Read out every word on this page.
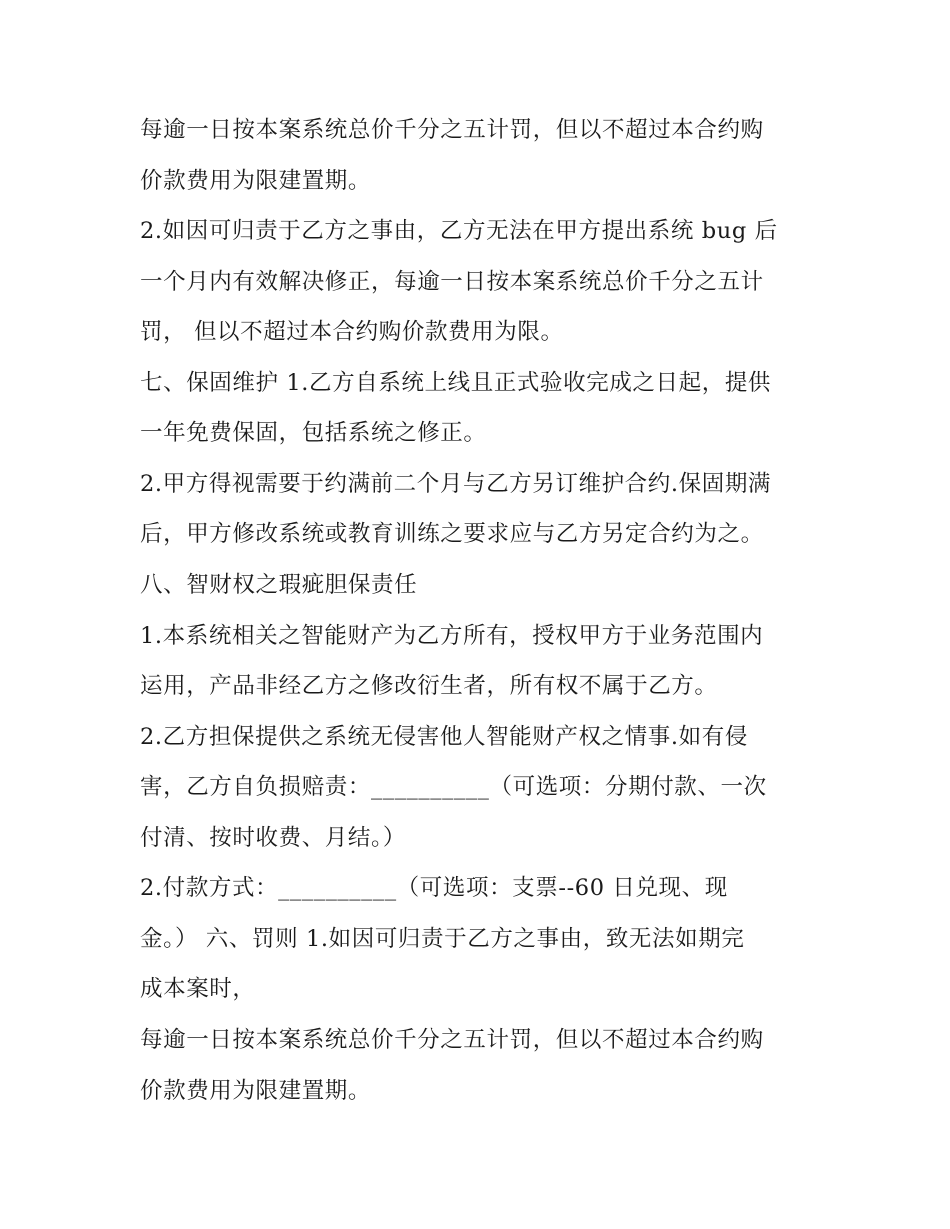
每逾一日按本案系统总价千分之五计罚，但以不超过本合约购

价款费用为限建置期。

2.如因可归责于乙方之事由，乙方无法在甲方提出系统 bug 后

一个月内有效解决修正，每逾一日按本案系统总价千分之五计

罚， 但以不超过本合约购价款费用为限。

七、保固维护 1.乙方自系统上线且正式验收完成之日起，提供

一年免费保固，包括系统之修正。

2.甲方得视需要于约满前二个月与乙方另订维护合约.保固期满

后，甲方修改系统或教育训练之要求应与乙方另定合约为之。

八、智财权之瑕疵胆保责任

1.本系统相关之智能财产为乙方所有，授权甲方于业务范围内

运用，产品非经乙方之修改衍生者，所有权不属于乙方。

2.乙方担保提供之系统无侵害他人智能财产权之情事.如有侵

害，乙方自负损赔责：__________（可选项：分期付款、一次

付清、按时收费、月结。）

2.付款方式：__________（可选项：支票--60 日兑现、现

金。） 六、罚则 1.如因可归责于乙方之事由，致无法如期完

成本案时，

每逾一日按本案系统总价千分之五计罚，但以不超过本合约购

价款费用为限建置期。
